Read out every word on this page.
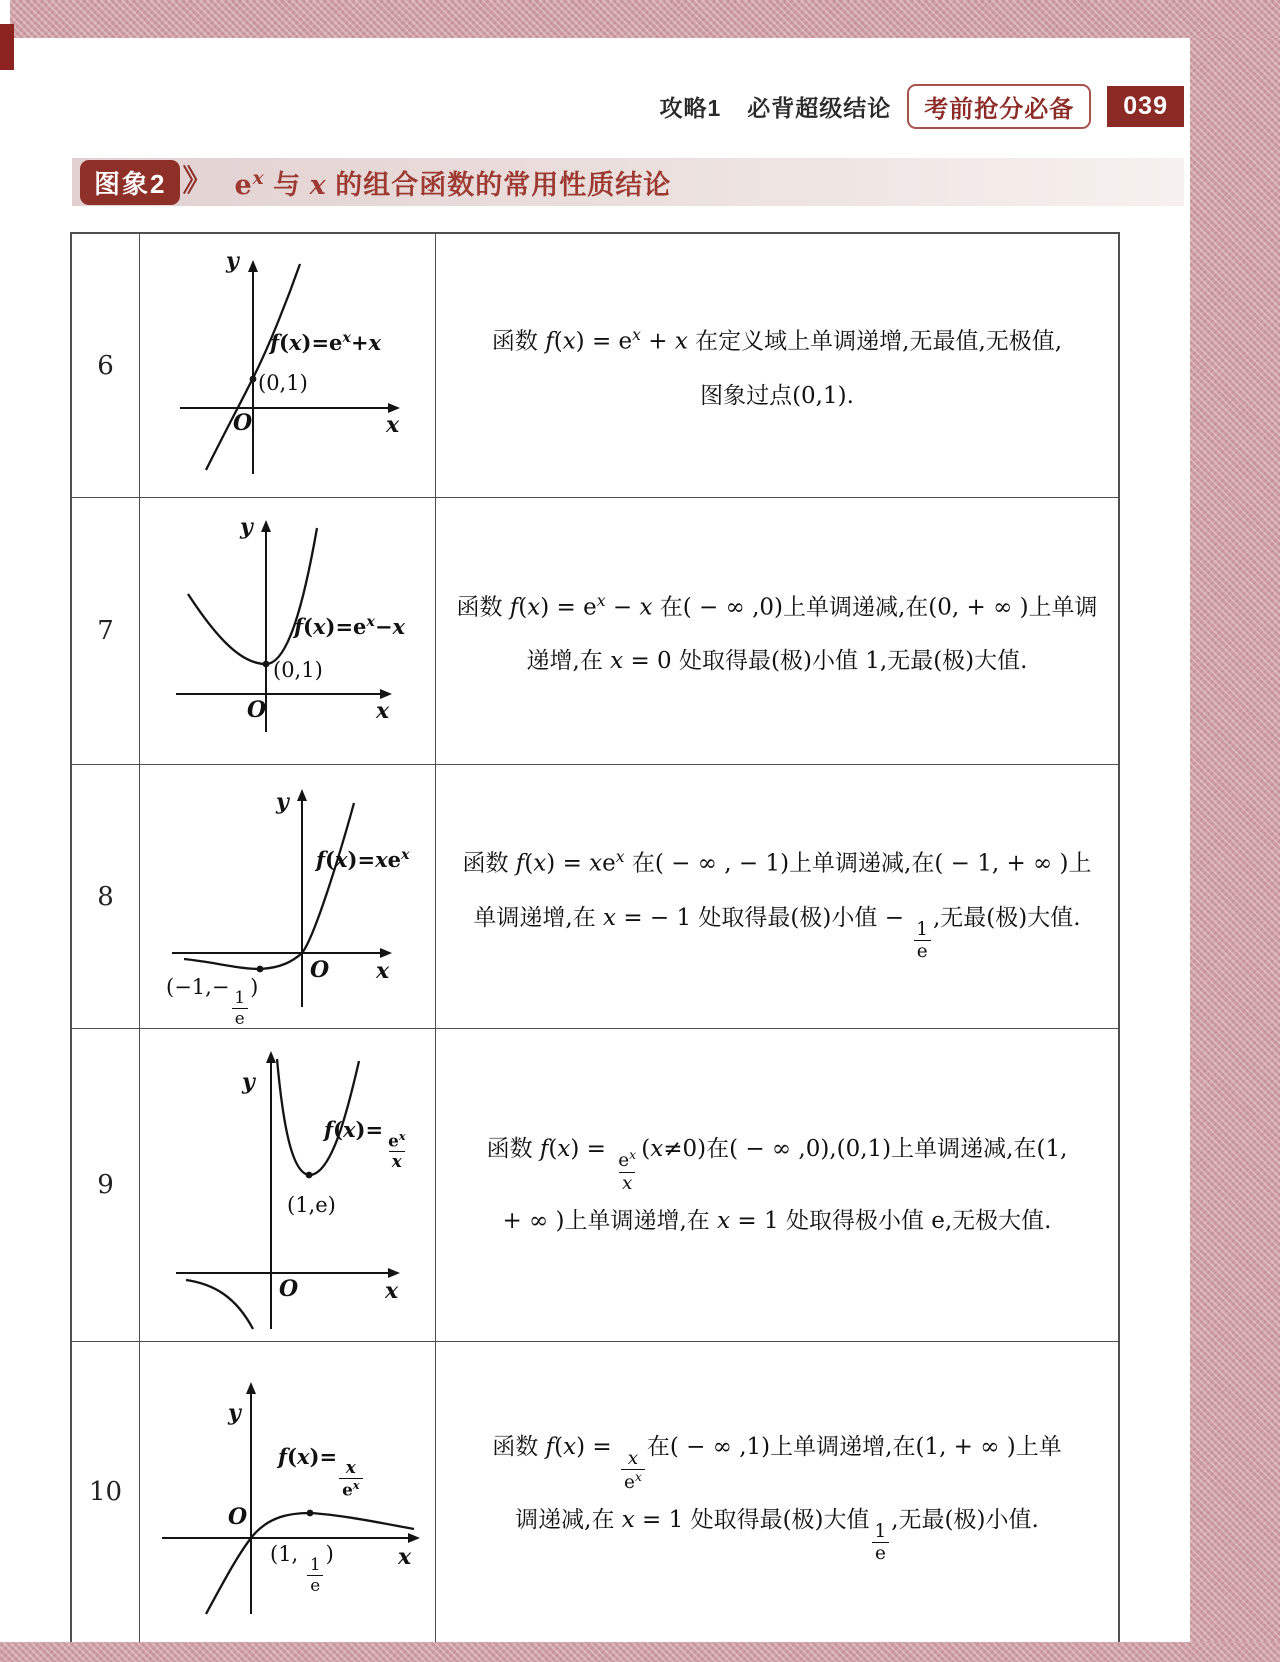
攻略1 必背超级结论	考前抢分必备	039
图象2 》 $e^x$ 与 x 的组合函数的常用性质结论
6
y
x
O
$f(x)=e^x+x$
(0,1)
函数 $f(x) = e^x + x$ 在定义域上单调递增,无最值,无极值,
图象过点(0,1).
7
y
x
O
$f(x)=e^x-x$
(0,1)
函数 $f(x) = e^x - x$ 在( − ∞ ,0)上单调递减,在(0, + ∞ )上单调
递增,在 x = 0 处取得最(极)小值 1,无最(极)大值.
8
y
x
O
$f(x)=xe^x$
(−1,−
$\frac{1}{e}$
)
函数 $f(x) = xe^x$ 在( − ∞ , − 1)上单调递减,在( − 1, + ∞ )上
单调递增,在 x = − 1 处取得最(极)小值 −
$\frac{1}{e}$
,无最(极)大值.
9
y
x
O
f(x)=
$\frac{e^x}{x}$
(1,e)
函数 $f(x) = \frac{e^x}{x} (x\ne 0)$在( − ∞ ,0),(0,1)上单调递减,在(1,
+ ∞ )上单调递增,在 x = 1 处取得极小值 e,无极大值.
10
y
x
O
f(x)=
$\frac{x}{e^x}$
(1,
$\frac{1}{e}$
)
函数 f(x) =
$\frac{x}{e^x}$
在( − ∞ ,1)上单调递增,在(1, + ∞ )上单
调递减,在 x = 1 处取得最(极)大值
$\frac{1}{e}$
,无最(极)小值.
